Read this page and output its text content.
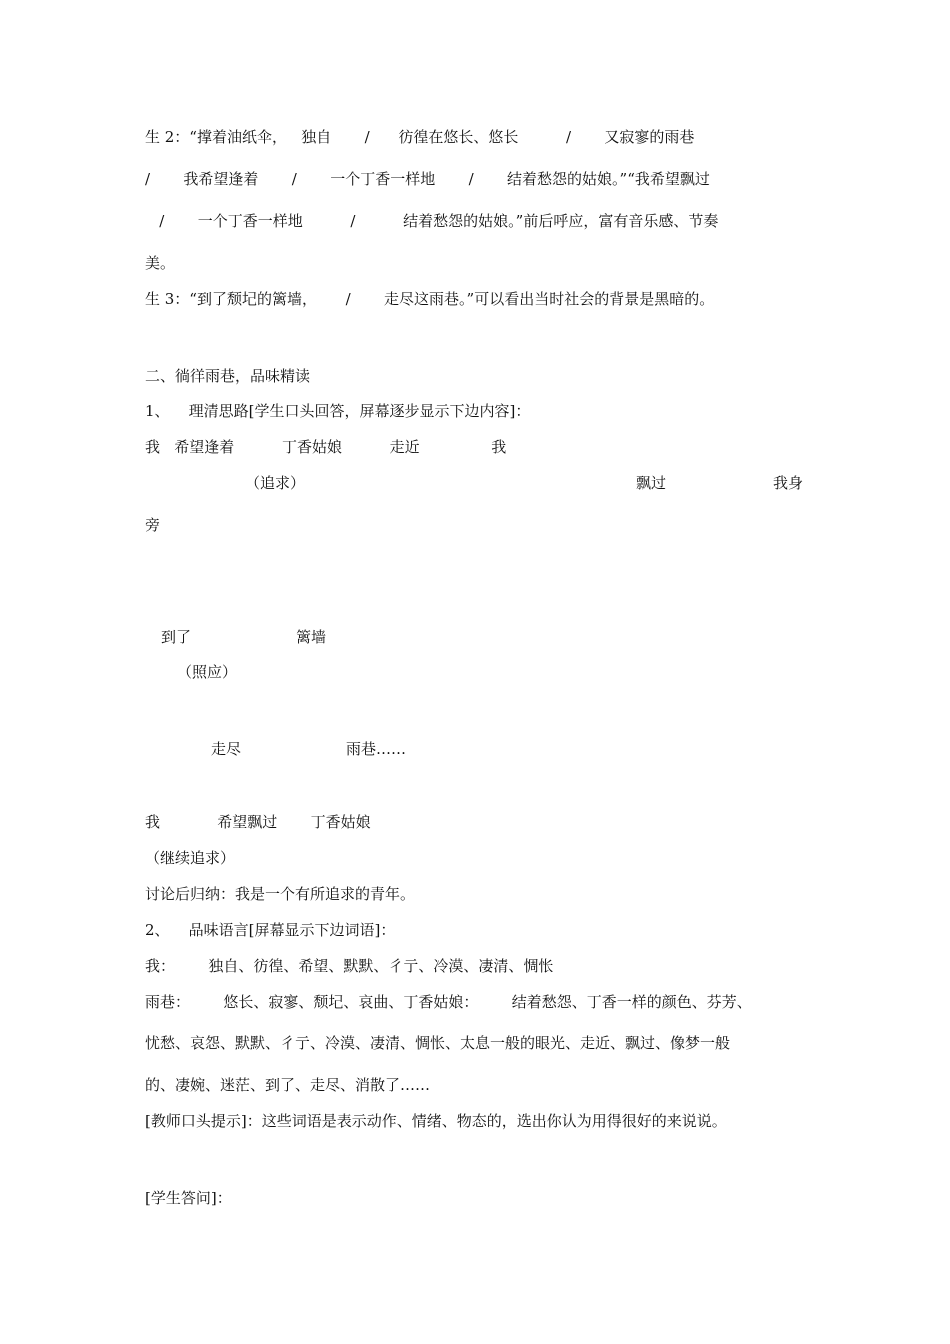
生 2：“撑着油纸伞，   独自       /      彷徨在悠长、悠长          /       又寂寥的雨巷
/       我希望逢着       /       一个丁香一样地       /       结着愁怨的姑娘。”“我希望飘过
/       一个丁香一样地          /          结着愁怨的姑娘。”前后呼应，富有音乐感、节奏
美。
生 3：“到了颓圮的篱墙，      /       走尽这雨巷。”可以看出当时社会的背景是黑暗的。
二、徜徉雨巷，品味精读
1、    理清思路[学生口头回答，屏幕逐步显示下边内容]：
我   希望逢着          丁香姑娘          走近               我
（追求）	飘过	我身
旁
到了	篱墙
（照应）
走尽	雨巷……
我            希望飘过       丁香姑娘
（继续追求）
讨论后归纳：我是一个有所追求的青年。
2、    品味语言[屏幕显示下边词语]：
我：       独自、彷徨、希望、默默、彳亍、冷漠、凄清、惆怅
雨巷：       悠长、寂寥、颓圮、哀曲、丁香姑娘：       结着愁怨、丁香一样的颜色、芬芳、
忧愁、哀怨、默默、彳亍、冷漠、凄清、惆怅、太息一般的眼光、走近、飘过、像梦一般
的、凄婉、迷茫、到了、走尽、消散了……
[教师口头提示]：这些词语是表示动作、情绪、物态的，选出你认为用得很好的来说说。
[学生答问]：
